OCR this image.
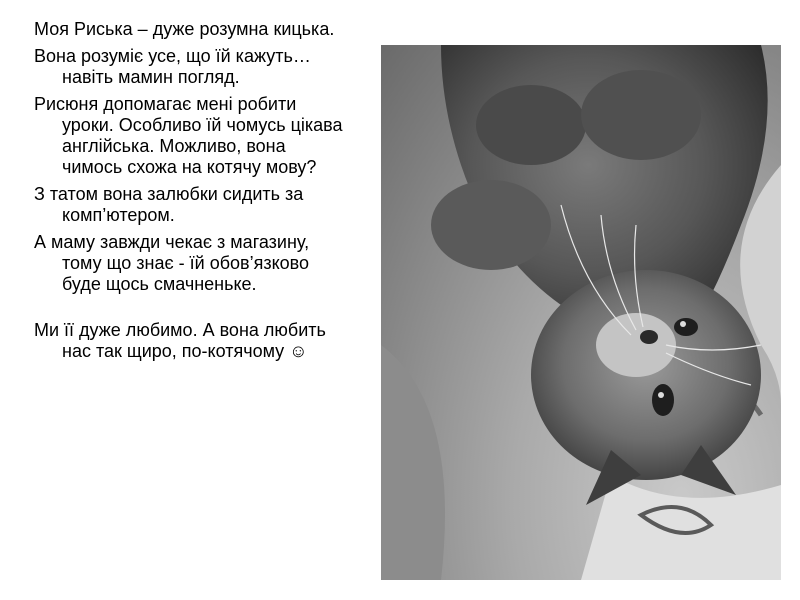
Моя Риська – дуже розумна кицька.

Вона розуміє усе, що їй кажуть… навіть мамин погляд.

Рисюня допомагає мені робити уроки. Особливо їй чомусь цікава англійська. Можливо, вона чимось схожа на котячу мову?

З татом вона залюбки сидить за комп’ютером.

А маму завжди чекає з магазину, тому що знає - їй обов’язково буде щось смачненьке.

Ми її дуже любимо. А вона любить нас так щиро, по-котячому ☺
